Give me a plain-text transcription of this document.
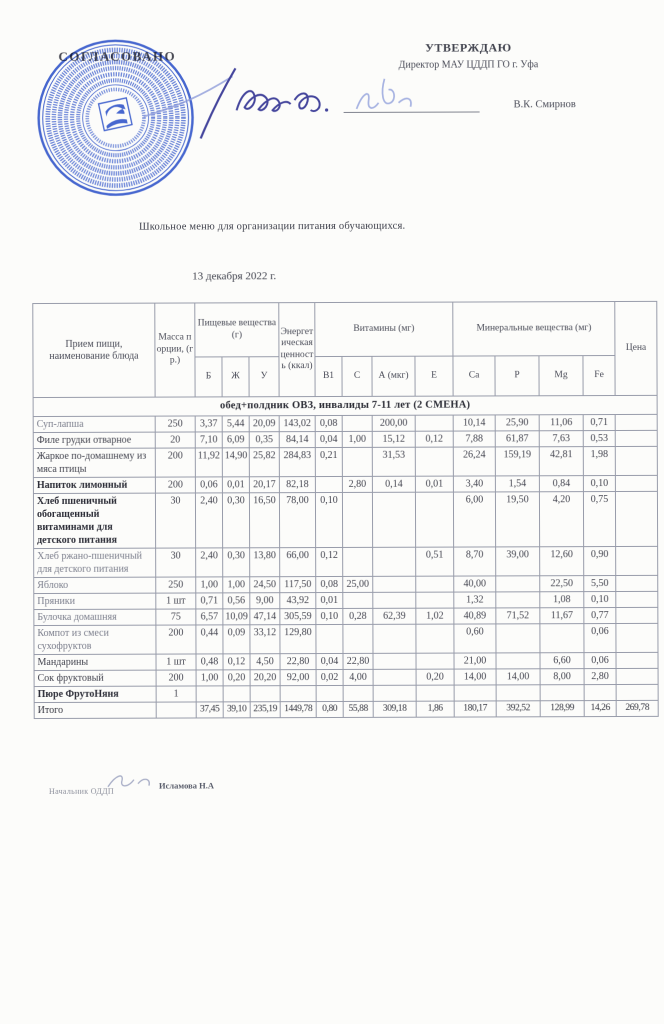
СОГЛАСОВАНО
УТВЕРЖДАЮ
Директор МАУ ЦДДП ГО г. Уфа
В.К. Смирнов
Школьное меню для организации питания обучающихся.
13 декабря 2022 г.
Прием пищи, наименование блюда	Масса порции, (гр.)	Пищевые вещества (г)			Энергетическая ценность (ккал)	Витамины (мг)				Минеральные вещества (мг)				Цена
		Б	Ж	У		В1	С	А (мкг)	Е	Са	Р	Mg	Fe	
обед+полдник ОВЗ, инвалиды 7-11 лет (2 СМЕНА)														
Суп-лапша	250	3,37	5,44	20,09	143,02	0,08		200,00		10,14	25,90	11,06	0,71	
Филе грудки отварное	20	7,10	6,09	0,35	84,14	0,04	1,00	15,12	0,12	7,88	61,87	7,63	0,53	
Жаркое по-домашнему из мяса птицы	200	11,92	14,90	25,82	284,83	0,21		31,53		26,24	159,19	42,81	1,98	
Напиток лимонный	200	0,06	0,01	20,17	82,18		2,80	0,14	0,01	3,40	1,54	0,84	0,10	
Хлеб пшеничный обогащенный витаминами для детского питания	30	2,40	0,30	16,50	78,00	0,10				6,00	19,50	4,20	0,75	
Хлеб ржано-пшеничный для детского питания	30	2,40	0,30	13,80	66,00	0,12			0,51	8,70	39,00	12,60	0,90	
Яблоко	250	1,00	1,00	24,50	117,50	0,08	25,00			40,00		22,50	5,50	
Пряники	1 шт	0,71	0,56	9,00	43,92	0,01				1,32		1,08	0,10	
Булочка домашняя	75	6,57	10,09	47,14	305,59	0,10	0,28	62,39	1,02	40,89	71,52	11,67	0,77	
Компот из смеси сухофруктов	200	0,44	0,09	33,12	129,80					0,60			0,06	
Мандарины	1 шт	0,48	0,12	4,50	22,80	0,04	22,80			21,00		6,60	0,06	
Сок фруктовый	200	1,00	0,20	20,20	92,00	0,02	4,00		0,20	14,00	14,00	8,00	2,80	
Пюре ФрутоНяня	1													
Итого		37,45	39,10	235,19	1449,78	0,80	55,88	309,18	1,86	180,17	392,52	128,99	14,26	269,78
Начальник ОДДП
Исламова Н.А
